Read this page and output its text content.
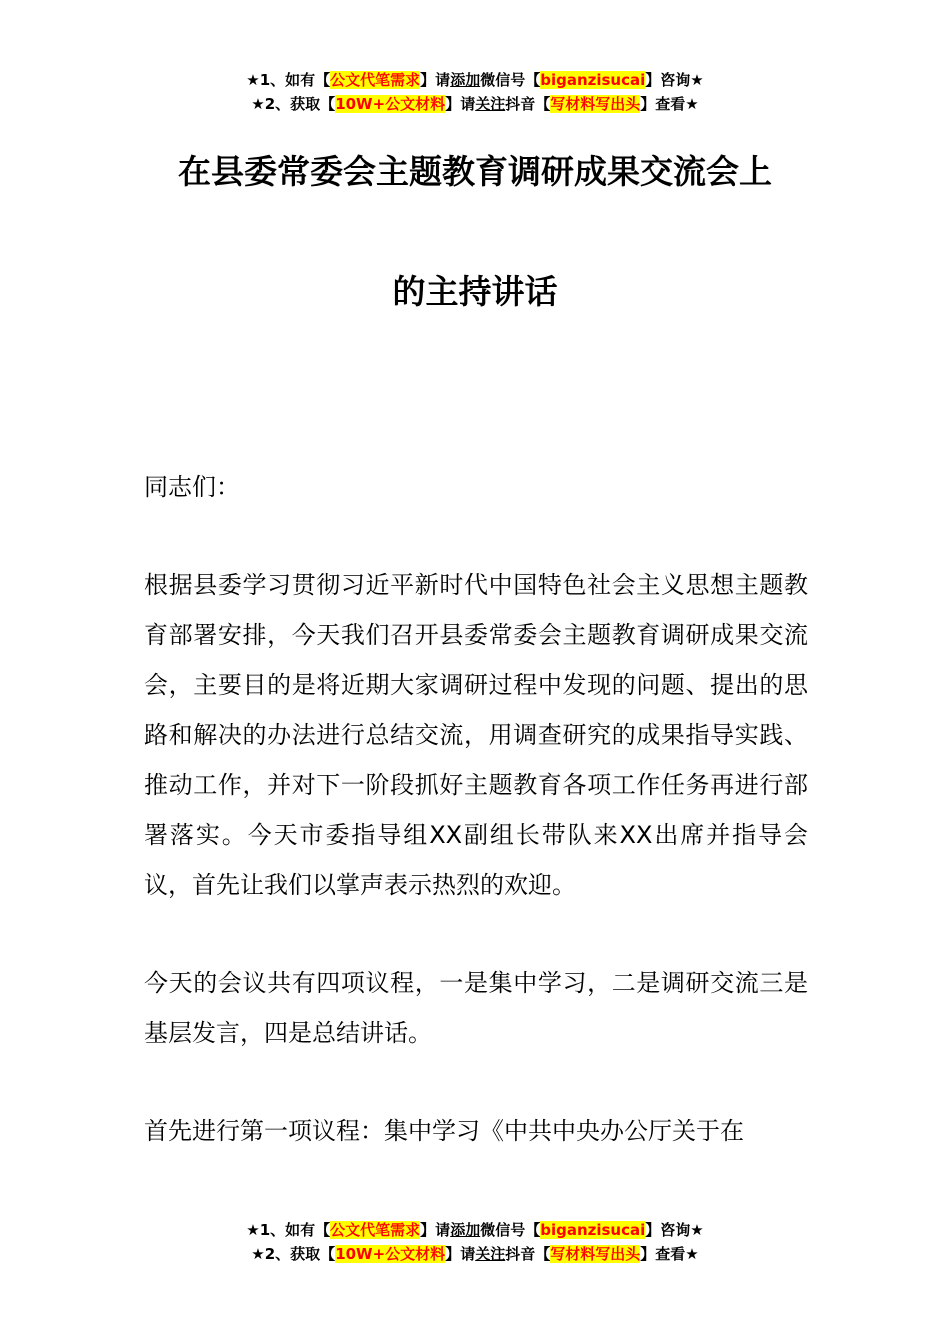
★1、如有【公文代笔需求】请添加微信号【biganzisucai】咨询★
★2、获取【10W+公文材料】请关注抖音【写材料写出头】查看★
在县委常委会主题教育调研成果交流会上
的主持讲话

同志们：

根据县委学习贯彻习近平新时代中国特色社会主义思想主题教育部署安排，今天我们召开县委常委会主题教育调研成果交流会，主要目的是将近期大家调研过程中发现的问题、提出的思路和解决的办法进行总结交流，用调查研究的成果指导实践、推动工作，并对下一阶段抓好主题教育各项工作任务再进行部署落实。今天市委指导组XX副组长带队来XX出席并指导会议，首先让我们以掌声表示热烈的欢迎。

今天的会议共有四项议程，一是集中学习，二是调研交流三是基层发言，四是总结讲话。

首先进行第一项议程：集中学习《中共中央办公厅关于在

★1、如有【公文代笔需求】请添加微信号【biganzisucai】咨询★
★2、获取【10W+公文材料】请关注抖音【写材料写出头】查看★
